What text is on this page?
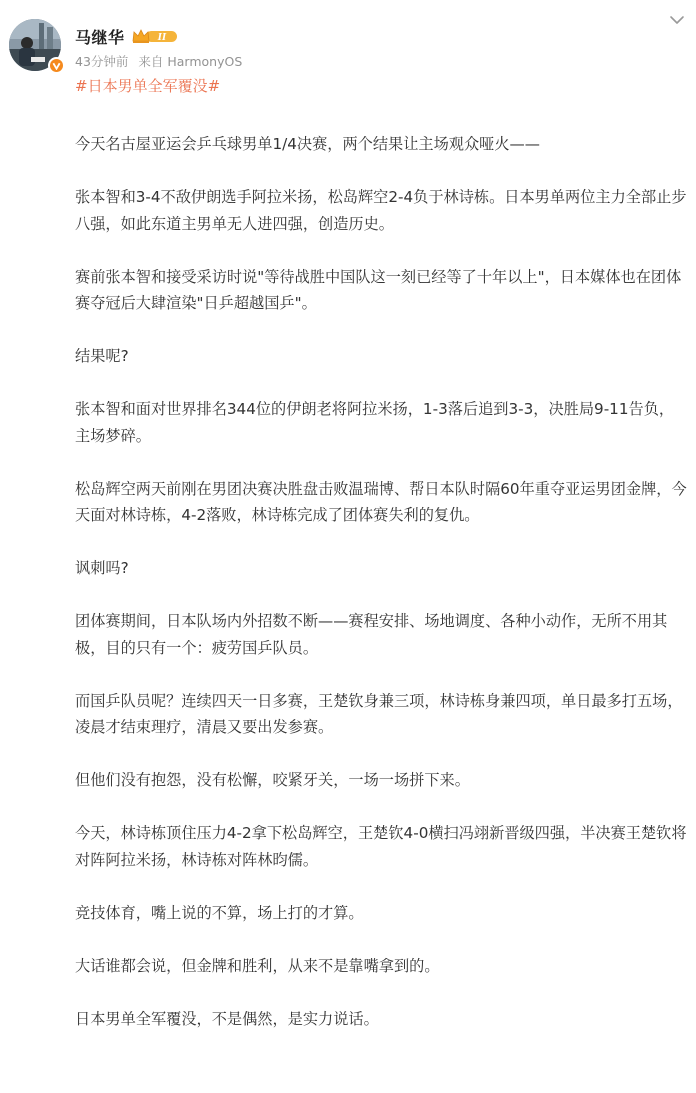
马继华	II
43分钟前 来自 HarmonyOS
#日本男单全军覆没#

今天名古屋亚运会乒乓球男单1/4决赛，两个结果让主场观众哑火——

张本智和3-4不敌伊朗选手阿拉米扬，松岛辉空2-4负于林诗栋。日本男单两位主力全部止步八强，如此东道主男单无人进四强，创造历史。

赛前张本智和接受采访时说"等待战胜中国队这一刻已经等了十年以上"，日本媒体也在团体赛夺冠后大肆渲染"日乒超越国乒"。

结果呢?

张本智和面对世界排名344位的伊朗老将阿拉米扬，1-3落后追到3-3，决胜局9-11告负，主场梦碎。

松岛辉空两天前刚在男团决赛决胜盘击败温瑞博、帮日本队时隔60年重夺亚运男团金牌，今天面对林诗栋，4-2落败，林诗栋完成了团体赛失利的复仇。

讽刺吗?

团体赛期间，日本队场内外招数不断——赛程安排、场地调度、各种小动作，无所不用其极，目的只有一个：疲劳国乒队员。

而国乒队员呢？连续四天一日多赛，王楚钦身兼三项，林诗栋身兼四项，单日最多打五场，凌晨才结束理疗，清晨又要出发参赛。

但他们没有抱怨，没有松懈，咬紧牙关，一场一场拼下来。

今天，林诗栋顶住压力4-2拿下松岛辉空，王楚钦4-0横扫冯翊新晋级四强，半决赛王楚钦将对阵阿拉米扬，林诗栋对阵林昀儒。

竞技体育，嘴上说的不算，场上打的才算。

大话谁都会说，但金牌和胜利，从来不是靠嘴拿到的。

日本男单全军覆没，不是偶然，是实力说话。
